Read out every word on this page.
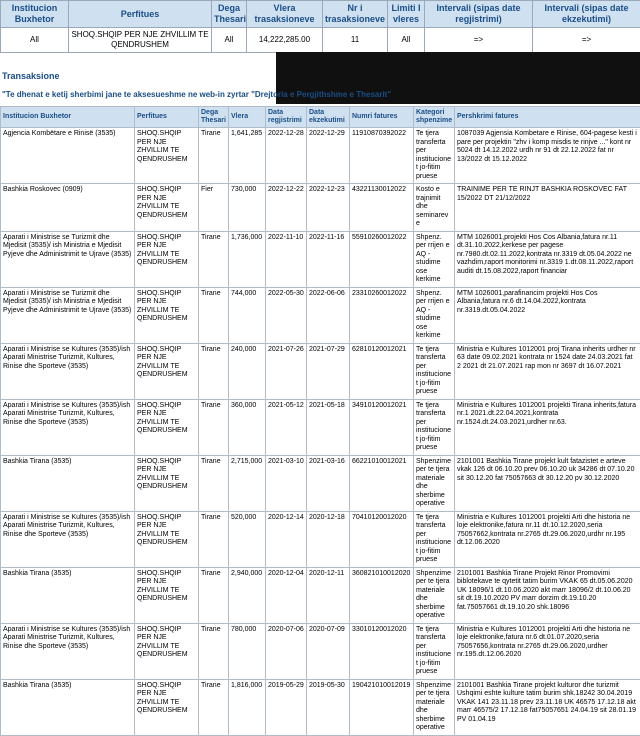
Institucion Buxhetor	Perfitues	Dega Thesari	Vlera trasaksioneve	Nr i trasaksioneve	Limiti I vleres	Intervali (sipas date regjistrimi)	Intervali (sipas date ekzekutimi)
All	SHOQ.SHQIP PER NJE ZHVILLIM TE QENDRUSHEM	All	14,222,285.00	11	All	=>	=>
Transaksione
"Te dhenat e ketij sherbimi jane te aksesueshme ne web-in zyrtar "Drejtoria e Pergjithshme e Thesarit"
Institucion Buxhetor	Perfitues	Dega Thesari	Vlera	Data regjistrimi	Data ekzekutimi	Numri fatures	Kategori shpenzime	Pershkrimi fatures
Agjencia Kombëtare e Rinisë (3535)	SHOQ.SHQIP PER NJE ZHVILLIM TE QENDRUSHEM	Tirane	1,641,285	2022-12-28	2022-12-29	11910870392022	Te tjera transferta per institucionet jo-fitim pruese	1087039 Agjensia Kombetare e Rinise, 604-pagese kesti i pare per projektin "zhv i komp misdis te rinjve ..." kont nr 5024 dt 14.12.2022 urdh nr 91 dt 22.12.2022 fat nr 13/2022 dt 15.12.2022
Bashkia Roskovec (0909)	SHOQ.SHQIP PER NJE ZHVILLIM TE QENDRUSHEM	Fier	730,000	2022-12-22	2022-12-23	43221130012022	Kosto e trajnimit dhe seminareve	TRAINIME PER TE RINJT BASHKIA ROSKOVEC FAT 15/2022 DT 21/12/2022
Aparati i Ministrise se Turizmit dhe Mjedisit (3535)/ ish Ministria e Mjedisit Pyjeve dhe Administrimit te Ujrave (3535)	SHOQ.SHQIP PER NJE ZHVILLIM TE QENDRUSHEM	Tirane	1,736,000	2022-11-10	2022-11-16	55910260012022	Shpenz. per rrijen e AQ - studime ose kerkime	MTM 1026001,projekti Hos Cos Albania,fatura nr.11 dt.31.10.2022,kerkese per pagese nr.7980.dt.02.11.2022,kontrata nr.3319 dt.05.04.2022 ne vazhdim,raport monitorimi nr.3319 1.dt.08.11.2022,raport auditi dt.15.08.2022,raport financiar
Aparati i Ministrise se Turizmit dhe Mjedisit (3535)/ ish Ministria e Mjedisit Pyjeve dhe Administrimit te Ujrave (3535)	SHOQ.SHQIP PER NJE ZHVILLIM TE QENDRUSHEM	Tirane	744,000	2022-05-30	2022-06-06	23310260012022	Shpenz. per rrijen e AQ - studime ose kerkime	MTM 1026001,parafinancim projekti Hos Cos Albania,fatura nr.6 dt.14.04.2022,kontrata nr.3319.dt.05.04.2022
Aparati i Ministrise se Kultures (3535)/ish Aparati Ministrise Turizmit, Kultures, Rinise dhe Sporteve (3535)	SHOQ.SHQIP PER NJE ZHVILLIM TE QENDRUSHEM	Tirane	240,000	2021-07-26	2021-07-29	62810120012021	Te tjera transferta per institucionet jo-fitim pruese	Ministria e Kultures 1012001 proj Tirana inherits urdher nr 63 date 09.02.2021 kontrata nr 1524 date 24.03.2021 fat 2 2021 dt 21.07.2021 rap mon nr 3697 dt 16.07.2021
Aparati i Ministrise se Kultures (3535)/ish Aparati Ministrise Turizmit, Kultures, Rinise dhe Sporteve (3535)	SHOQ.SHQIP PER NJE ZHVILLIM TE QENDRUSHEM	Tirane	360,000	2021-05-12	2021-05-18	34910120012021	Te tjera transferta per institucionet jo-fitim pruese	Ministria e Kultures 1012001 projekti Tirana inherits,fatura nr.1 2021.dt.22.04.2021,kontrata nr.1524.dt.24.03.2021,urdher nr.63.
Bashkia Tirana (3535)	SHOQ.SHQIP PER NJE ZHVILLIM TE QENDRUSHEM	Tirane	2,715,000	2021-03-10	2021-03-16	66221010012021	Shpenzime per te tjera materiale dhe sherbime operative	2101001 Bashkia Tirane projekt kult fatazistet e arteve vkak 126 dt 06.10.20 prev 06.10.20 uk 34286 dt 07.10.20 sit 30.12.20 fat 75057663 dt 30.12.20 pv 30.12.2020
Aparati i Ministrise se Kultures (3535)/ish Aparati Ministrise Turizmit, Kultures, Rinise dhe Sporteve (3535)	SHOQ.SHQIP PER NJE ZHVILLIM TE QENDRUSHEM	Tirane	520,000	2020-12-14	2020-12-18	70410120012020	Te tjera transferta per institucionet jo-fitim pruese	Ministria e Kultures 1012001 projekti Arti dhe historia ne loje elektronike,fatura nr.11 dt.10.12.2020,seria 75057662,kontrata nr.2765 dt.29.06.2020,urdhr nr.195 dt.12.06.2020
Bashkia Tirana (3535)	SHOQ.SHQIP PER NJE ZHVILLIM TE QENDRUSHEM	Tirane	2,940,000	2020-12-04	2020-12-11	360821010012020	Shpenzime per te tjera materiale dhe sherbime operative	2101001 Bashkia Tirane Projekt Rinor Promovimi biblotekave te qytetit tatim burim VKAK 65 dt.05.06.2020 UK 18096/1 dt.10.06.2020 akt marr 18096/2 dt.10.06.20 sit dt.19.10.2020 PV marr dorzim dt.19.10.20 fat.75057661 dt.19.10.20 shk.18096
Aparati i Ministrise se Kultures (3535)/ish Aparati Ministrise Turizmit, Kultures, Rinise dhe Sporteve (3535)	SHOQ.SHQIP PER NJE ZHVILLIM TE QENDRUSHEM	Tirane	780,000	2020-07-06	2020-07-09	33010120012020	Te tjera transferta per institucionet jo-fitim pruese	Ministria e Kultures 1012001 projekti Arti dhe historia ne loje elektronike,fatura nr.6 dt.01.07.2020,seria 75057656,kontrata nr.2765 dt.29.06.2020,urdher nr.195.dt.12.06.2020
Bashkia Tirana (3535)	SHOQ.SHQIP PER NJE ZHVILLIM TE QENDRUSHEM	Tirane	1,816,000	2019-05-29	2019-05-30	190421010012019	Shpenzime per te tjera materiale dhe sherbime operative	2101001 Bashkia Tirane projekt kulturor dhe turizmit Ushqimi eshte kulture tatim burim shk.18242 30.04.2019 VKAK 141 23.11.18 prev 23.11.18 UK 46575 17.12.18 akt marr 46575/2 17.12.18 fat75057651 24.04.19 sit 28.01.19 PV 01.04.19
